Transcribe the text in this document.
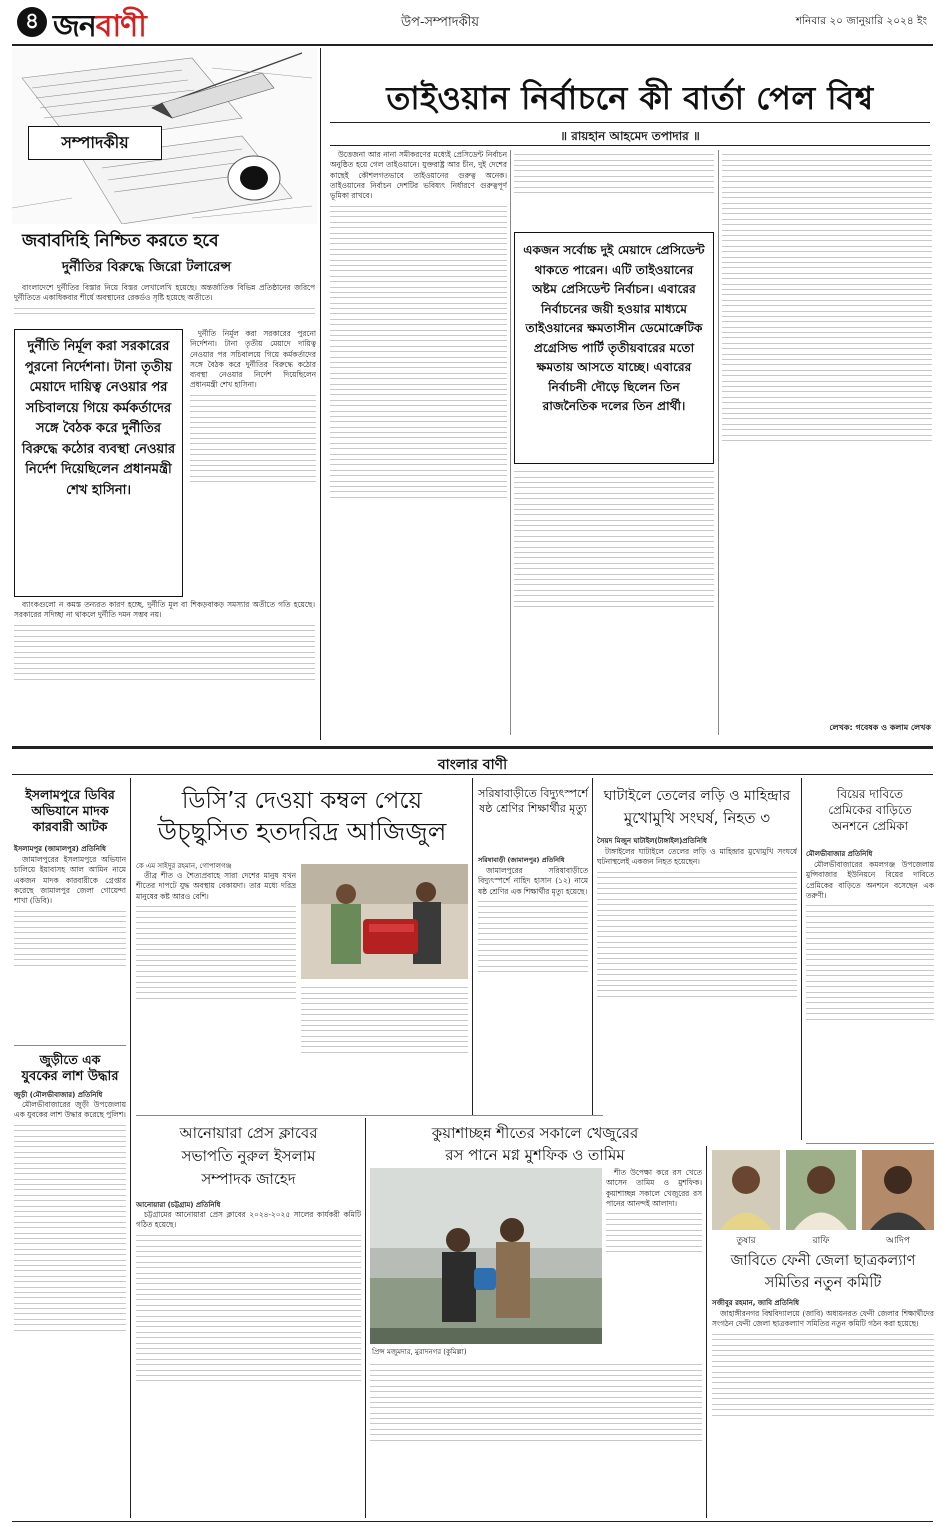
৪ জনবাণী	উপ-সম্পাদকীয়	শনিবার ২০ জানুয়ারি ২০২৪ ইং
সম্পাদকীয়
জবাবদিহি নিশ্চিত করতে হবে
দুর্নীতির বিরুদ্ধে জিরো টলারেন্স

বাংলাদেশে দুর্নীতির বিস্তার নিয়ে বিস্তর লেখালেখি হয়েছে। অন্তর্জাতিক বিভিন্ন প্রতিষ্ঠানের জরিপে দুর্নীতিতে একাধিকবার শীর্ষে অবস্থানের রেকর্ডও সৃষ্টি হয়েছে অতীতে।

দুর্নীতি নির্মূল করা সরকারের পুরনো নির্দেশনা। টানা তৃতীয় মেয়াদে দায়িত্ব নেওয়ার পর সচিবালয়ে গিয়ে কর্মকর্তাদের সঙ্গে বৈঠক করে দুর্নীতির বিরুদ্ধে কঠোর ব্যবস্থা নেওয়ার নির্দেশ দিয়েছিলেন প্রধানমন্ত্রী শেখ হাসিনা।

দুর্নীতি নির্মূল করা সরকারের পুরনো নির্দেশনা। টানা তৃতীয় মেয়াদে দায়িত্ব নেওয়ার পর সচিবালয়ে গিয়ে কর্মকর্তাদের সঙ্গে বৈঠক করে দুর্নীতির বিরুদ্ধে কঠোর ব্যবস্থা নেওয়ার নির্দেশ দিয়েছিলেন প্রধানমন্ত্রী শেখ হাসিনা।

ব্যাংকগুলো ন কমস্ত তন্যরত কারণ হচ্ছে, দুর্নীতি মূল বা শিকড়বাকড় সমস্যার অতীতে গতি হয়েছে। সরকারের সদিচ্ছা না থাকলে দুর্নীতি দমন সম্ভব নয়।

তাইওয়ান নির্বাচনে কী বার্তা পেল বিশ্ব
॥ রায়হান আহমেদ তপাদার ॥

উত্তেজনা আর নানা সমীকরণের মধ্যেই প্রেসিডেন্ট নির্বাচন অনুষ্ঠিত হয়ে গেল তাইওয়ানে। যুক্তরাষ্ট্র আর চীন, দুই দেশের কাছেই কৌশলগতভাবে তাইওয়ানের গুরুত্ব অনেক। তাইওয়ানের নির্বাচন দেশটির ভবিষ্যৎ নির্ধারণে গুরুত্বপূর্ণ ভূমিকা রাখবে।

একজন সর্বোচ্চ দুই মেয়াদে প্রেসিডেন্ট থাকতে পারেন। এটি তাইওয়ানের অষ্টম প্রেসিডেন্ট নির্বাচন। এবারের নির্বাচনের জয়ী হওয়ার মাধ্যমে তাইওয়ানের ক্ষমতাসীন ডেমোক্রেটিক প্রগ্রেসিভ পার্টি তৃতীয়বারের মতো ক্ষমতায় আসতে যাচ্ছে। এবারের নির্বাচনী দৌড়ে ছিলেন তিন রাজনৈতিক দলের তিন প্রার্থী।
লেখক: গবেষক ও কলাম লেখক
বাংলার বাণী
ইসলামপুরে ডিবির অভিযানে মাদক কারবারী আটক
ইসলামপুর (জামালপুর) প্রতিনিধি

জামালপুরের ইসলামপুরে অভিযান চালিয়ে ইয়াবাসহ আল আমিন নামে একজন মাদক কারবারীকে গ্রেপ্তার করেছে জামালপুর জেলা গোয়েন্দা শাখা (ডিবি)।

জুড়ীতে এক
যুবকের লাশ উদ্ধার
জুড়ী (মৌলভীবাজার) প্রতিনিধি

মৌলভীবাজারের জুড়ী উপজেলায় এক যুবকের লাশ উদ্ধার করেছে পুলিশ।

ডিসি’র দেওয়া কম্বল পেয়ে
উচ্ছ্বসিত হতদরিদ্র আজিজুল
কে এম সাইদুর রহমান, গোপালগঞ্জ

তীব্র শীত ও শৈত্যপ্রবাহে সারা দেশের মানুষ যখন শীতের দাপটে যুদ্ধ অবস্থায় বেকায়দা। তার মধ্যে দরিদ্র মানুষের কষ্ট আরও বেশি।

সরিষাবাড়ীতে বিদ্যুৎস্পর্শে ষষ্ঠ শ্রেণির শিক্ষার্থীর মৃত্যু
সরিষাবাড়ী (জামালপুর) প্রতিনিধি

জামালপুরের সরিষাবাড়ীতে বিদ্যুৎস্পর্শে নাহিদ হাসান (১২) নামে ষষ্ঠ শ্রেণির এক শিক্ষার্থীর মৃত্যু হয়েছে।

ঘাটাইলে তেলের লড়ি ও মাহিন্দ্রার
মুখোমুখি সংঘর্ষ, নিহত ৩
সৈয়দ মিজুন ঘাটাইল(টাঙ্গাইল)প্রতিনিধি

টাঙ্গাইলের ঘাটাইলে তেলের লড়ি ও মাহিন্দ্রার মুখোমুখি সংঘর্ষে ঘটনাস্থলেই একজন নিহত হয়েছেন।

বিয়ের দাবিতে
প্রেমিকের বাড়িতে
অনশনে প্রেমিকা
মৌলভীবাজার প্রতিনিধি

মৌলভীবাজারের কমলগঞ্জ উপজেলায় মুন্সিবাজার ইউনিয়নে বিয়ের দাবিতে প্রেমিকের বাড়িতে অনশনে বসেছেন এক তরুণী।

আনোয়ারা প্রেস ক্লাবের
সভাপতি নুরুল ইসলাম
সম্পাদক জাহেদ
আনোয়ারা (চট্টগ্রাম) প্রতিনিধি

চট্টগ্রামের আনোয়ারা প্রেস ক্লাবের ২০২৪-২০২৫ সালের কার্যকরী কমিটি গঠিত হয়েছে।

কুয়াশাচ্ছন্ন শীতের সকালে খেজুরের
রস পানে মগ্ন মুশফিক ও তামিম
প্রিন্স মজুমদার, মুরাদনগর (কুমিল্লা)

শীত উপেক্ষা করে রস খেতে আসেন তামিম ও মুশফিক। কুয়াশাচ্ছন্ন সকালে খেজুরের রস পানের আনন্দই আলাদা।

তুষার	রাফি	আদিপ
জাবিতে ফেনী জেলা ছাত্রকল্যাণ
সমিতির নতুন কমিটি
সজীবুর রহমান, জাবি প্রতিনিধি

জাহাঙ্গীরনগর বিশ্ববিদ্যালয়ে (জাবি) অধ্যয়নরত ফেনী জেলার শিক্ষার্থীদের সংগঠন ফেনী জেলা ছাত্রকল্যাণ সমিতির নতুন কমিটি গঠন করা হয়েছে।
